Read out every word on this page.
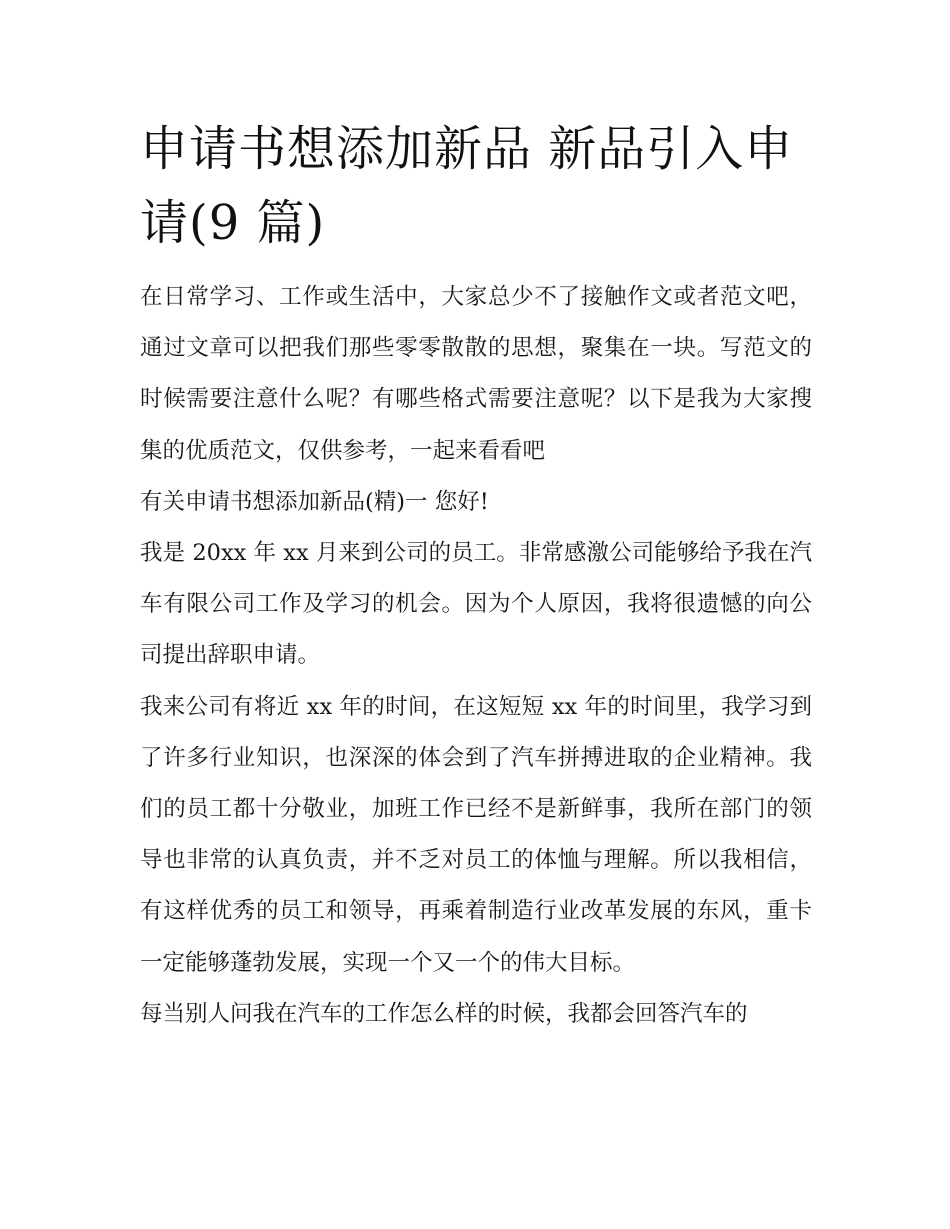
申请书想添加新品 新品引入申请(9 篇)

在日常学习、工作或生活中，大家总少不了接触作文或者范文吧，通过文章可以把我们那些零零散散的思想，聚集在一块。写范文的时候需要注意什么呢？有哪些格式需要注意呢？以下是我为大家搜集的优质范文，仅供参考，一起来看看吧

有关申请书想添加新品(精)一 您好!

我是 20xx 年 xx 月来到公司的员工。非常感激公司能够给予我在汽车有限公司工作及学习的机会。因为个人原因，我将很遗憾的向公司提出辞职申请。

我来公司有将近 xx 年的时间，在这短短 xx 年的时间里，我学习到了许多行业知识，也深深的体会到了汽车拼搏进取的企业精神。我们的员工都十分敬业，加班工作已经不是新鲜事，我所在部门的领导也非常的认真负责，并不乏对员工的体恤与理解。所以我相信，有这样优秀的员工和领导，再乘着制造行业改革发展的东风，重卡一定能够蓬勃发展，实现一个又一个的伟大目标。

每当别人问我在汽车的工作怎么样的时候，我都会回答汽车的
